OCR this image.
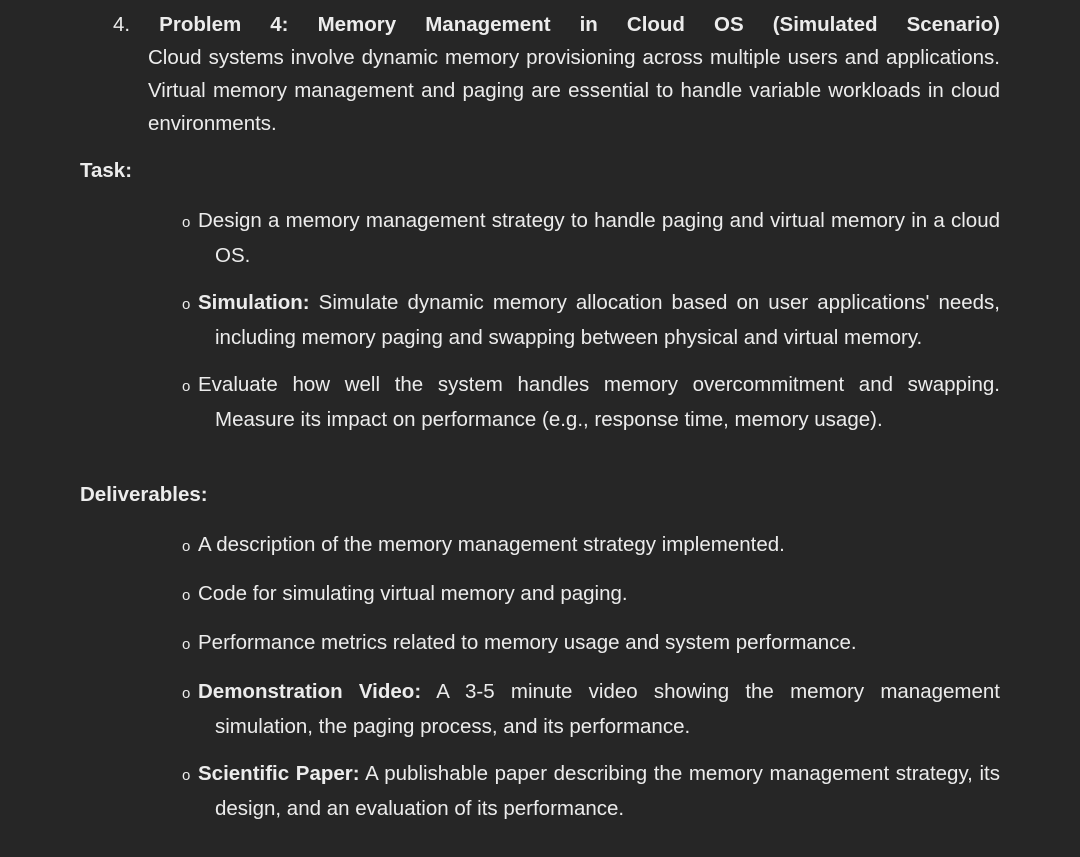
4. Problem 4: Memory Management in Cloud OS (Simulated Scenario)
Cloud systems involve dynamic memory provisioning across multiple users and applications. Virtual memory management and paging are essential to handle variable workloads in cloud environments.
Task:
o Design a memory management strategy to handle paging and virtual memory in a cloud OS.
o Simulation: Simulate dynamic memory allocation based on user applications' needs, including memory paging and swapping between physical and virtual memory.
o Evaluate how well the system handles memory overcommitment and swapping. Measure its impact on performance (e.g., response time, memory usage).
Deliverables:
o A description of the memory management strategy implemented.
o Code for simulating virtual memory and paging.
o Performance metrics related to memory usage and system performance.
o Demonstration Video: A 3-5 minute video showing the memory management simulation, the paging process, and its performance.
o Scientific Paper: A publishable paper describing the memory management strategy, its design, and an evaluation of its performance.
